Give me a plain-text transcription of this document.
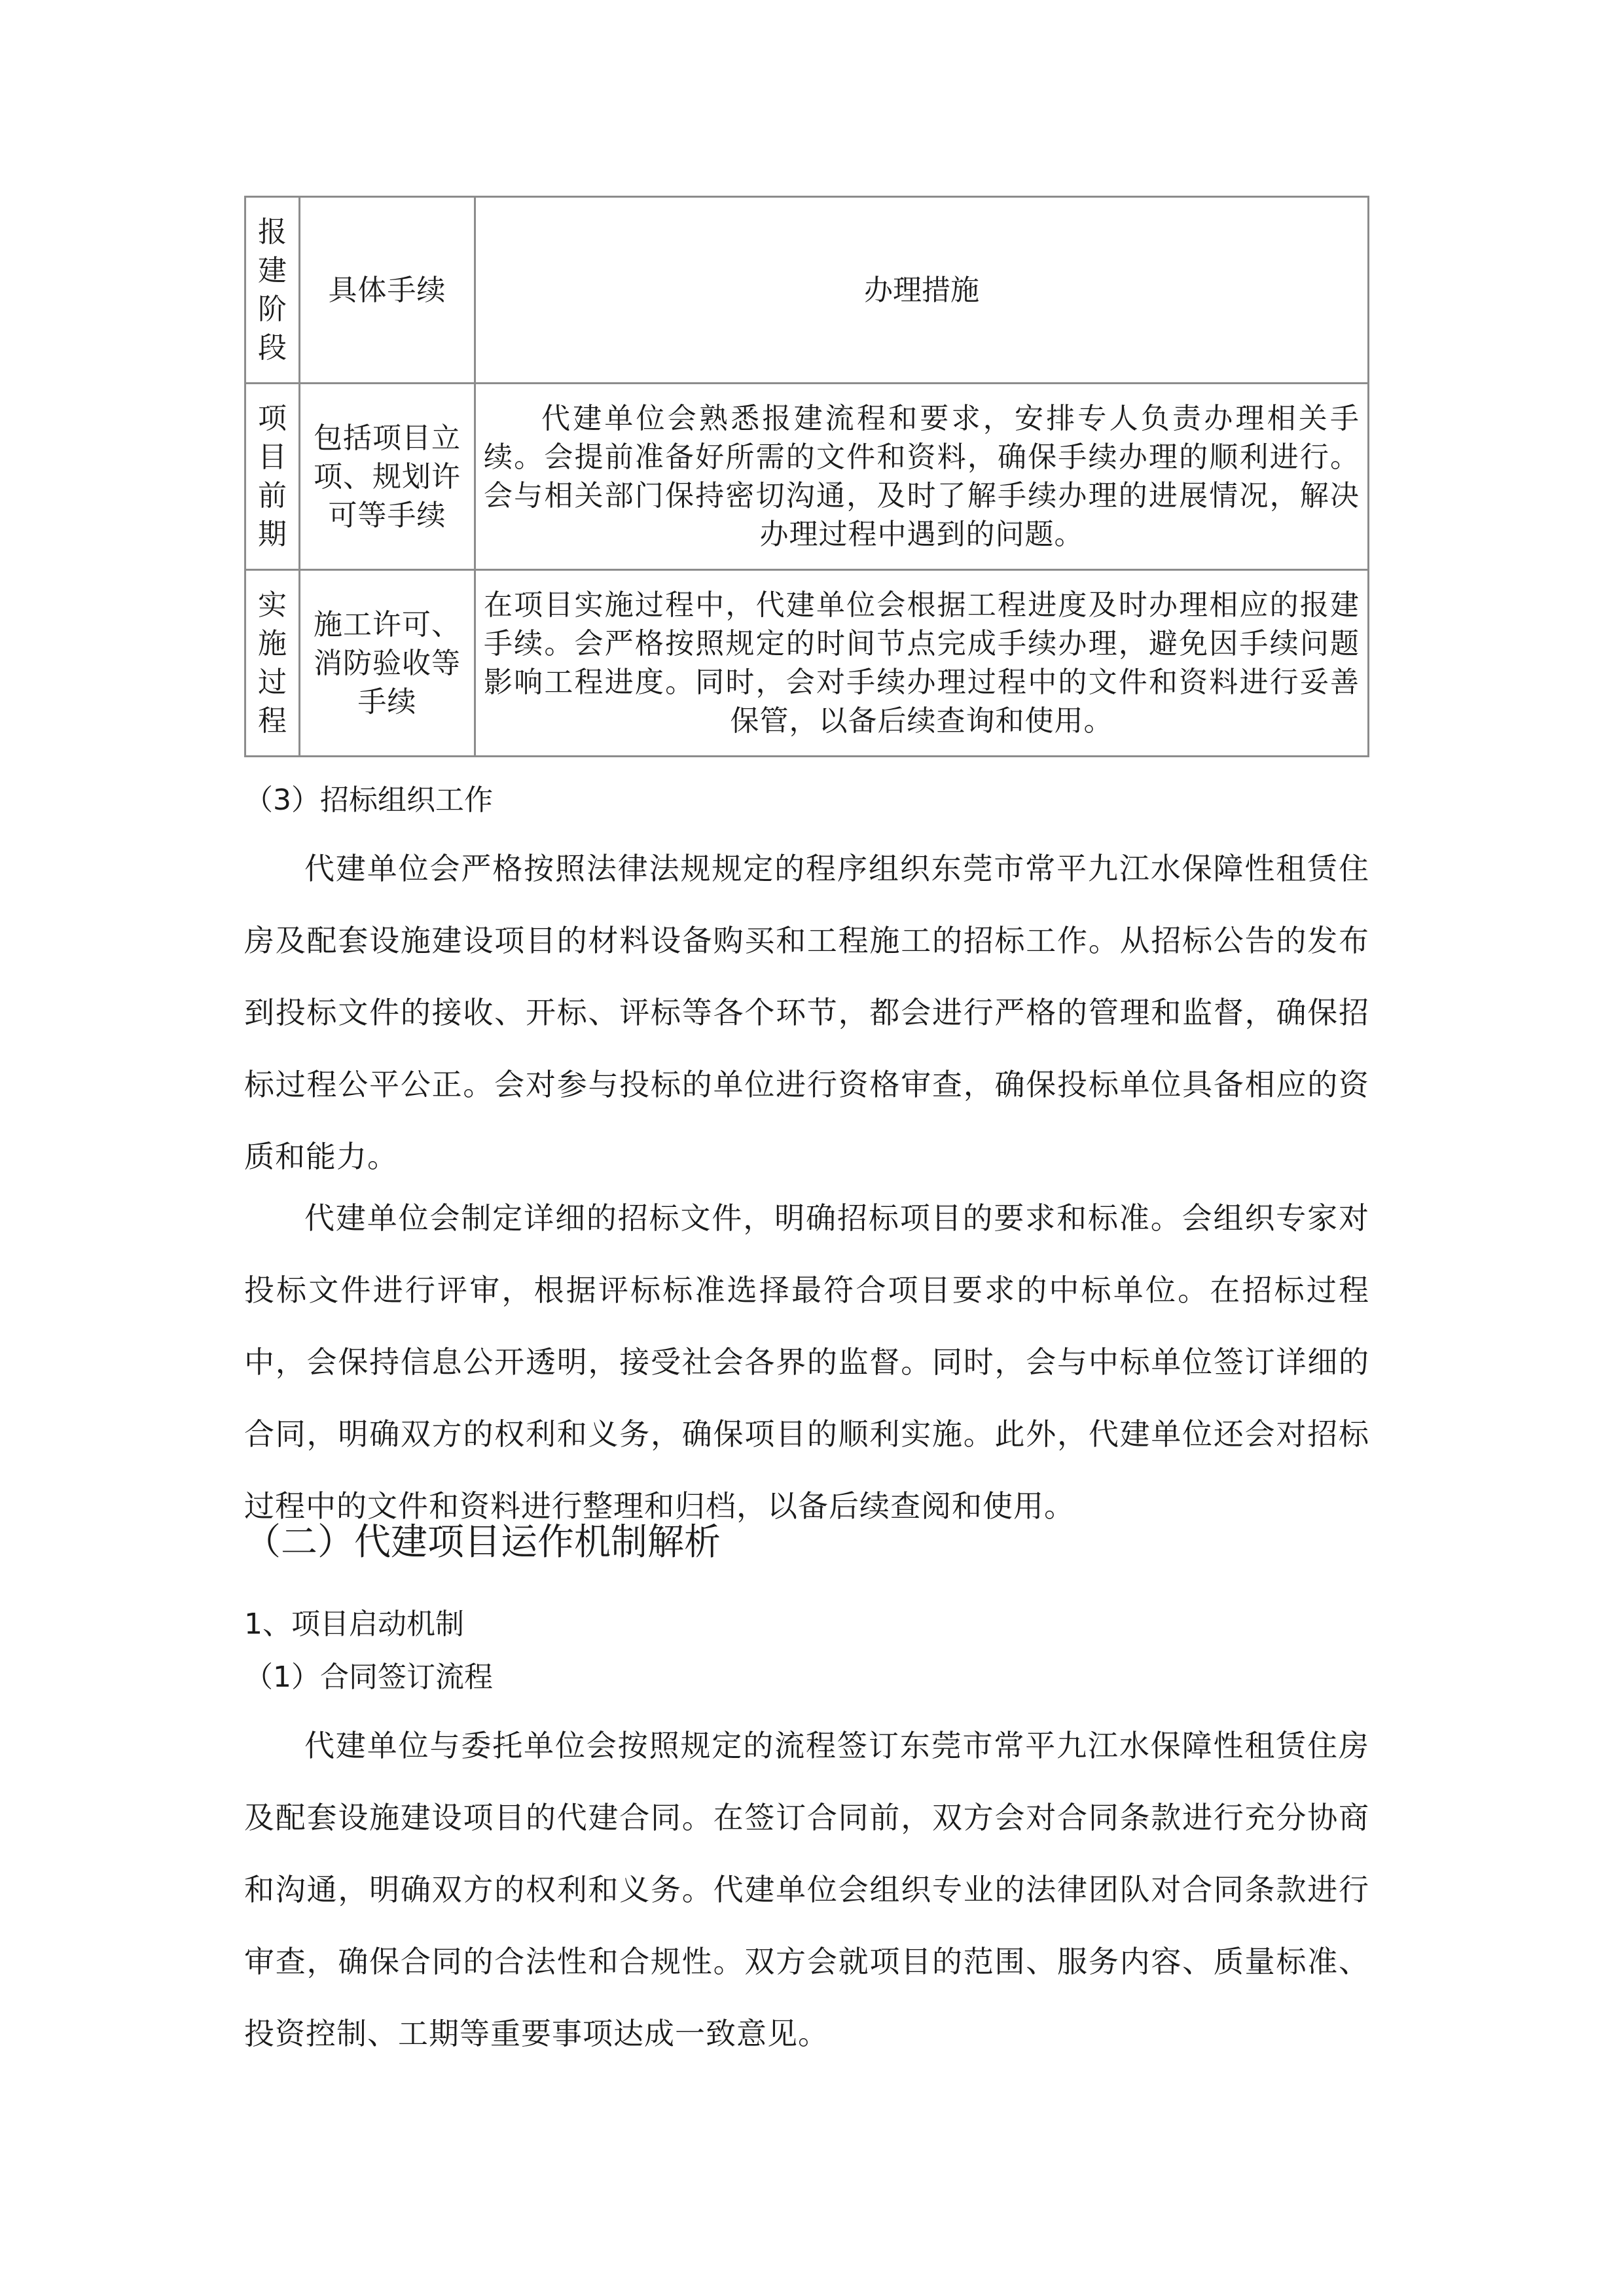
报建阶段	具体手续	办理措施

项目前期	包括项目立项、规划许可等手续	代建单位会熟悉报建流程和要求，安排专人负责办理相关手续。会提前准备好所需的文件和资料，确保手续办理的顺利进行。会与相关部门保持密切沟通，及时了解手续办理的进展情况，解决办理过程中遇到的问题。

实施过程	施工许可、消防验收等手续	在项目实施过程中，代建单位会根据工程进度及时办理相应的报建手续。会严格按照规定的时间节点完成手续办理，避免因手续问题影响工程进度。同时，会对手续办理过程中的文件和资料进行妥善保管，以备后续查询和使用。
（3）招标组织工作

代建单位会严格按照法律法规规定的程序组织东莞市常平九江水保障性租赁住房及配套设施建设项目的材料设备购买和工程施工的招标工作。从招标公告的发布到投标文件的接收、开标、评标等各个环节，都会进行严格的管理和监督，确保招标过程公平公正。会对参与投标的单位进行资格审查，确保投标单位具备相应的资质和能力。

代建单位会制定详细的招标文件，明确招标项目的要求和标准。会组织专家对投标文件进行评审，根据评标标准选择最符合项目要求的中标单位。在招标过程中，会保持信息公开透明，接受社会各界的监督。同时，会与中标单位签订详细的合同，明确双方的权利和义务，确保项目的顺利实施。此外，代建单位还会对招标过程中的文件和资料进行整理和归档，以备后续查阅和使用。

（二）代建项目运作机制解析
1、项目启动机制
（1）合同签订流程

代建单位与委托单位会按照规定的流程签订东莞市常平九江水保障性租赁住房及配套设施建设项目的代建合同。在签订合同前，双方会对合同条款进行充分协商和沟通，明确双方的权利和义务。代建单位会组织专业的法律团队对合同条款进行审查，确保合同的合法性和合规性。双方会就项目的范围、服务内容、质量标准、投资控制、工期等重要事项达成一致意见。
